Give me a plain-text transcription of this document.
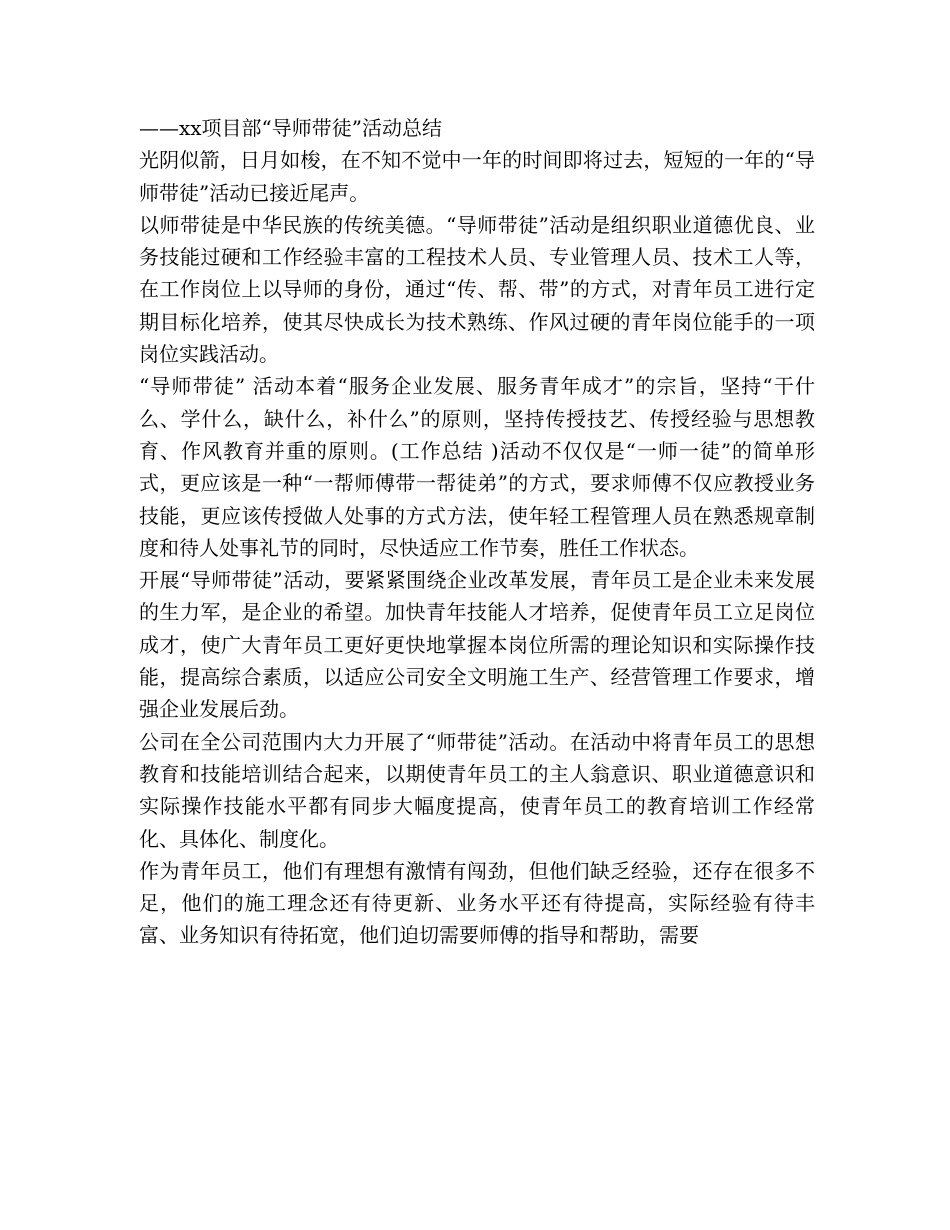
——xx项目部“导师带徒”活动总结

光阴似箭，日月如梭，在不知不觉中一年的时间即将过去，短短的一年的“导师带徒”活动已接近尾声。

以师带徒是中华民族的传统美德。“导师带徒”活动是组织职业道德优良、业务技能过硬和工作经验丰富的工程技术人员、专业管理人员、技术工人等，在工作岗位上以导师的身份，通过“传、帮、带”的方式，对青年员工进行定期目标化培养，使其尽快成长为技术熟练、作风过硬的青年岗位能手的一项岗位实践活动。

“导师带徒” 活动本着“服务企业发展、服务青年成才”的宗旨，坚持“干什么、学什么，缺什么，补什么”的原则，坚持传授技艺、传授经验与思想教育、作风教育并重的原则。(工作总结 )活动不仅仅是“一师一徒”的简单形式，更应该是一种“一帮师傅带一帮徒弟”的方式，要求师傅不仅应教授业务技能，更应该传授做人处事的方式方法，使年轻工程管理人员在熟悉规章制度和待人处事礼节的同时，尽快适应工作节奏，胜任工作状态。

开展“导师带徒”活动，要紧紧围绕企业改革发展，青年员工是企业未来发展的生力军，是企业的希望。加快青年技能人才培养，促使青年员工立足岗位成才，使广大青年员工更好更快地掌握本岗位所需的理论知识和实际操作技能，提高综合素质，以适应公司安全文明施工生产、经营管理工作要求，增强企业发展后劲。

公司在全公司范围内大力开展了“师带徒”活动。在活动中将青年员工的思想教育和技能培训结合起来，以期使青年员工的主人翁意识、职业道德意识和实际操作技能水平都有同步大幅度提高，使青年员工的教育培训工作经常化、具体化、制度化。

作为青年员工，他们有理想有激情有闯劲，但他们缺乏经验，还存在很多不足，他们的施工理念还有待更新、业务水平还有待提高，实际经验有待丰富、业务知识有待拓宽，他们迫切需要师傅的指导和帮助，需要
